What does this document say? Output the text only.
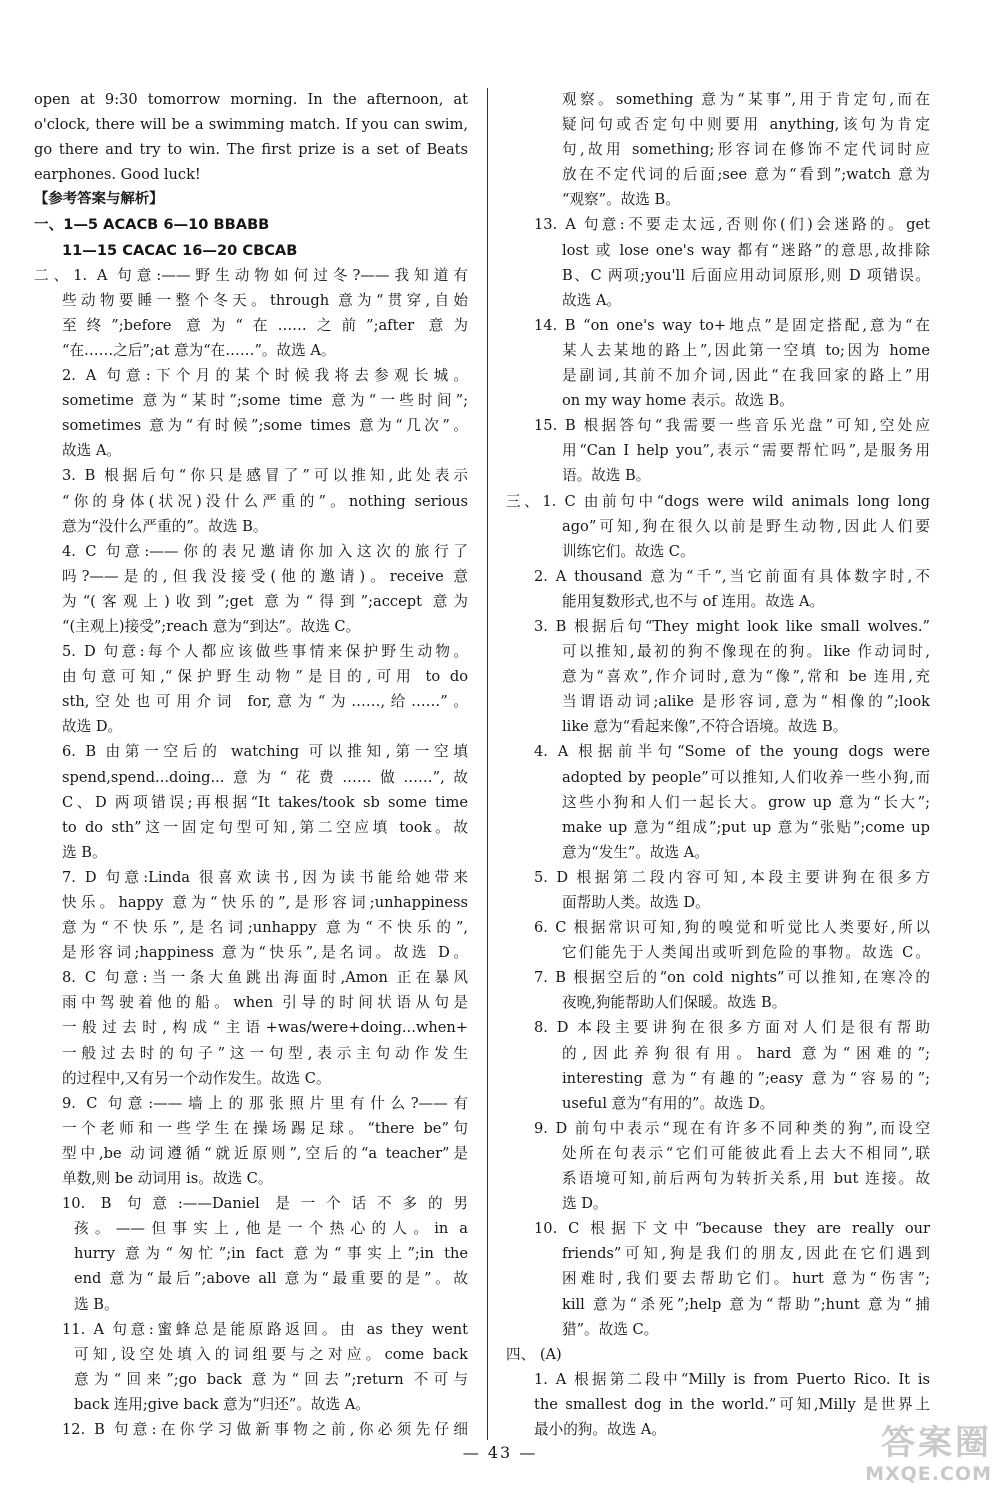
open at 9:30 tomorrow morning. In the afternoon, at
o'clock, there will be a swimming match. If you can swim,
go there and try to win. The first prize is a set of Beats
earphones. Good luck!
【参考答案与解析】
一、1—5 ACACB 6—10 BBABB
11—15 CACAC 16—20 CBCAB
二、1. A 句意:——野生动物如何过冬?——我知道有
些动物要睡一整个冬天。through 意为“贯穿,自始
至终”;before 意为“在……之前”;after 意为
“在……之后”;at 意为“在……”。故选 A。
2. A 句意:下个月的某个时候我将去参观长城。
sometime 意为“某时”;some time 意为“一些时间”;
sometimes 意为“有时候”;some times 意为“几次”。
故选 A。
3. B 根据后句“你只是感冒了”可以推知,此处表示
“你的身体(状况)没什么严重的”。nothing serious
意为“没什么严重的”。故选 B。
4. C 句意:——你的表兄邀请你加入这次的旅行了
吗?——是的,但我没接受(他的邀请)。receive 意
为“(客观上)收到”;get 意为“得到”;accept 意为
“(主观上)接受”;reach 意为“到达”。故选 C。
5. D 句意:每个人都应该做些事情来保护野生动物。
由句意可知,“保护野生动物”是目的,可用 to do
sth,空处也可用介词 for,意为“为……,给……”。
故选 D。
6. B 由第一空后的 watching 可以推知,第一空填
spend,spend...doing...意为“花费……做……”,故
C、D 两项错误;再根据“It takes/took sb some time
to do sth”这一固定句型可知,第二空应填 took。故
选 B。
7. D 句意:Linda 很喜欢读书,因为读书能给她带来
快乐。happy 意为“快乐的”,是形容词;unhappiness
意为“不快乐”,是名词;unhappy 意为“不快乐的”,
是形容词;happiness 意为“快乐”,是名词。故选 D。
8. C 句意:当一条大鱼跳出海面时,Amon 正在暴风
雨中驾驶着他的船。when 引导的时间状语从句是
一般过去时,构成“主语+was/were+doing...when+
一般过去时的句子”这一句型,表示主句动作发生
的过程中,又有另一个动作发生。故选 C。
9. C 句意:——墙上的那张照片里有什么?——有
一个老师和一些学生在操场踢足球。“there be”句
型中,be 动词遵循“就近原则”,空后的“a teacher”是
单数,则 be 动词用 is。故选 C。
10. B 句意:——Daniel 是一个话不多的男
孩。——但事实上,他是一个热心的人。in a
hurry 意为“匆忙”;in fact 意为“事实上”;in the
end 意为“最后”;above all 意为“最重要的是”。故
选 B。
11. A 句意:蜜蜂总是能原路返回。由 as they went
可知,设空处填入的词组要与之对应。come back
意为“回来”;go back 意为“回去”;return 不可与
back 连用;give back 意为“归还”。故选 A。
12. B 句意:在你学习做新事物之前,你必须先仔细
观察。something 意为“某事”,用于肯定句,而在
疑问句或否定句中则要用 anything,该句为肯定
句,故用 something;形容词在修饰不定代词时应
放在不定代词的后面;see 意为“看到”;watch 意为
“观察”。故选 B。
13. A 句意:不要走太远,否则你(们)会迷路的。get
lost 或 lose one's way 都有“迷路”的意思,故排除
B、C 两项;you'll 后面应用动词原形,则 D 项错误。
故选 A。
14. B “on one's way to+地点”是固定搭配,意为“在
某人去某地的路上”,因此第一空填 to;因为 home
是副词,其前不加介词,因此“在我回家的路上”用
on my way home 表示。故选 B。
15. B 根据答句“我需要一些音乐光盘”可知,空处应
用“Can I help you”,表示“需要帮忙吗”,是服务用
语。故选 B。
三、1. C 由前句中“dogs were wild animals long long
ago”可知,狗在很久以前是野生动物,因此人们要
训练它们。故选 C。
2. A thousand 意为“千”,当它前面有具体数字时,不
能用复数形式,也不与 of 连用。故选 A。
3. B 根据后句“They might look like small wolves.”
可以推知,最初的狗不像现在的狗。like 作动词时,
意为“喜欢”,作介词时,意为“像”,常和 be 连用,充
当谓语动词;alike 是形容词,意为“相像的”;look
like 意为“看起来像”,不符合语境。故选 B。
4. A 根据前半句“Some of the young dogs were
adopted by people”可以推知,人们收养一些小狗,而
这些小狗和人们一起长大。grow up 意为“长大”;
make up 意为“组成”;put up 意为“张贴”;come up
意为“发生”。故选 A。
5. D 根据第二段内容可知,本段主要讲狗在很多方
面帮助人类。故选 D。
6. C 根据常识可知,狗的嗅觉和听觉比人类要好,所以
它们能先于人类闻出或听到危险的事物。故选 C。
7. B 根据空后的“on cold nights”可以推知,在寒冷的
夜晚,狗能帮助人们保暖。故选 B。
8. D 本段主要讲狗在很多方面对人们是很有帮助
的,因此养狗很有用。hard 意为“困难的”;
interesting 意为“有趣的”;easy 意为“容易的”;
useful 意为“有用的”。故选 D。
9. D 前句中表示“现在有许多不同种类的狗”,而设空
处所在句表示“它们可能彼此看上去大不相同”,联
系语境可知,前后两句为转折关系,用 but 连接。故
选 D。
10. C 根据下文中“because they are really our
friends”可知,狗是我们的朋友,因此在它们遇到
困难时,我们要去帮助它们。hurt 意为“伤害”;
kill 意为“杀死”;help 意为“帮助”;hunt 意为“捕
猎”。故选 C。
四、 (A)
1. A 根据第二段中“Milly is from Puerto Rico. It is
the smallest dog in the world.”可知,Milly 是世界上
最小的狗。故选 A。
— 43 —	答案圈
MXQE.COM
